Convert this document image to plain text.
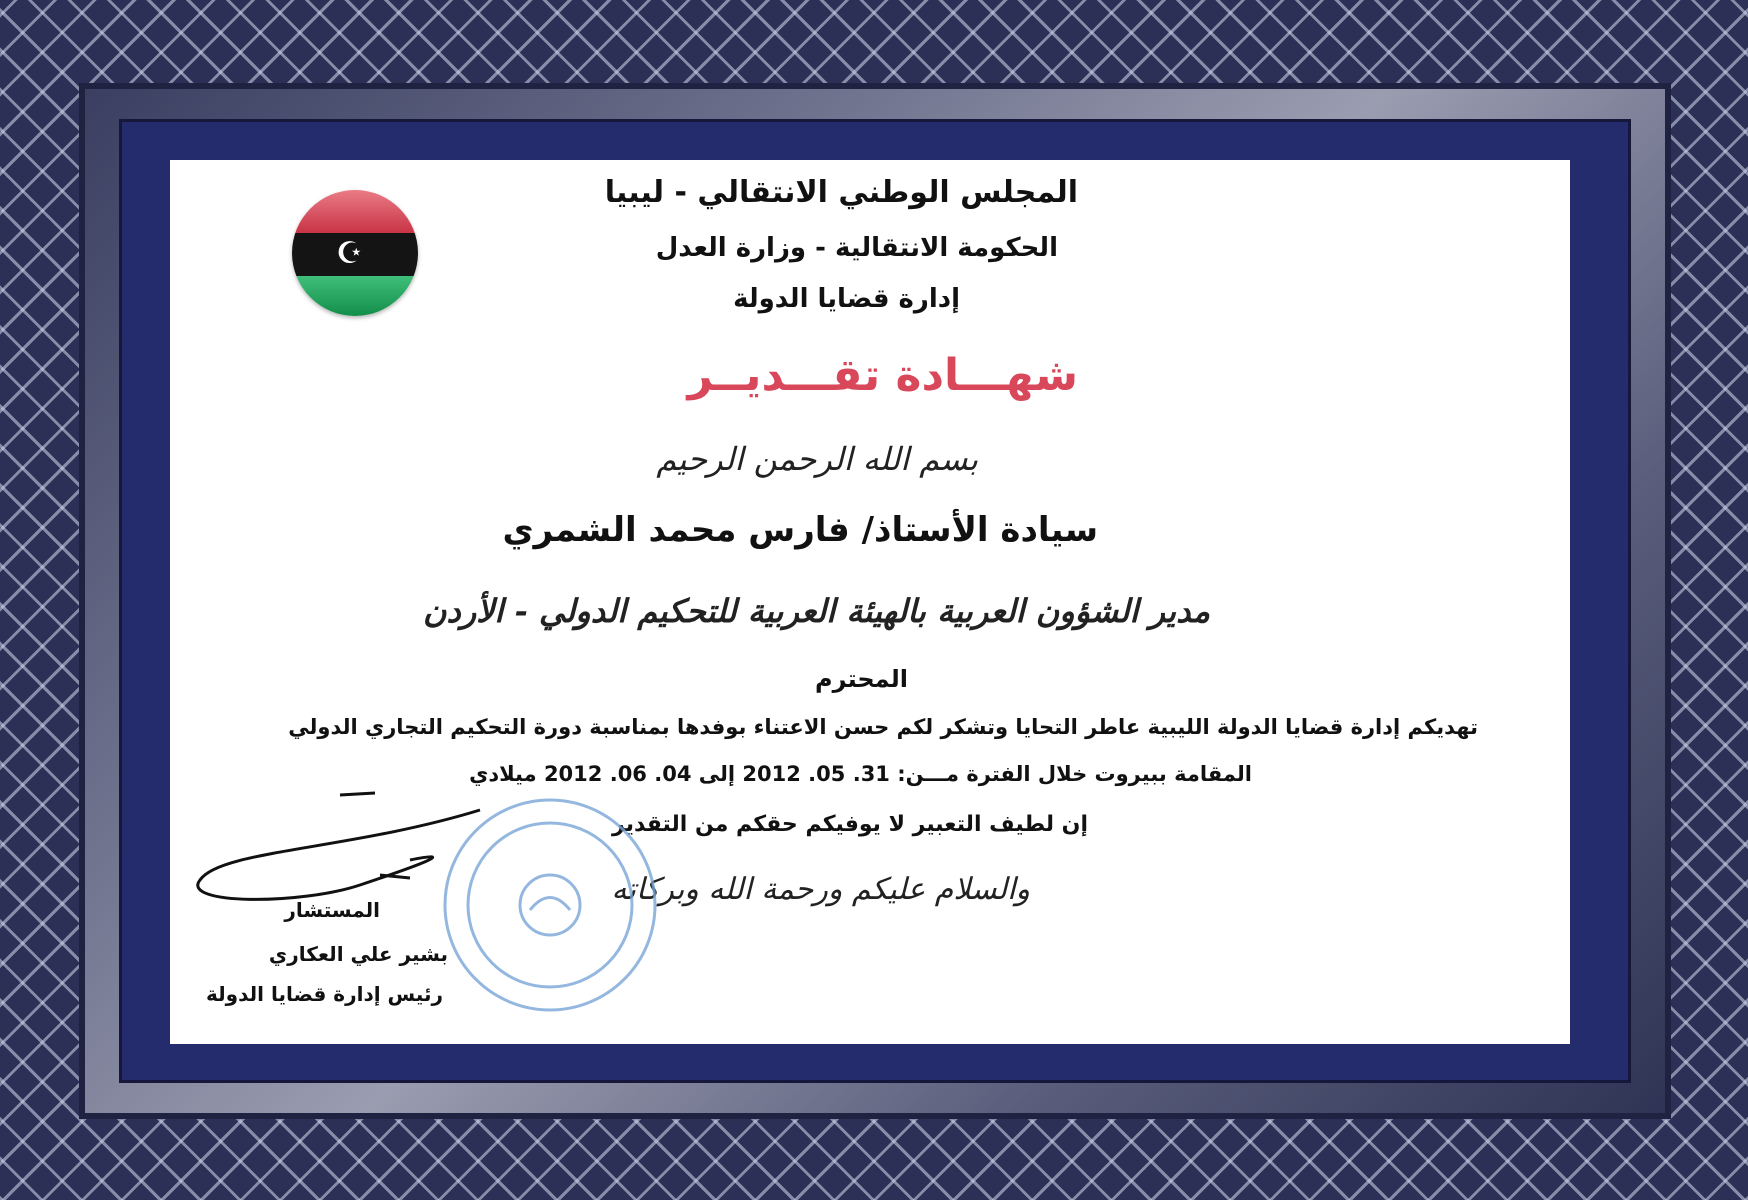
☪
المجلس الوطني الانتقالي - ليبيا
الحكومة الانتقالية - وزارة العدل
إدارة قضايا الدولة
شهـــادة تقـــديــر
بسم الله الرحمن الرحيم
سيادة الأستاذ/ فارس محمد الشمري
مدير الشؤون العربية بالهيئة العربية للتحكيم الدولي - الأردن
المحترم
تهديكم إدارة قضايا الدولة الليبية عاطر التحايا وتشكر لكم حسن الاعتناء بوفدها بمناسبة دورة التحكيم التجاري الدولي
المقامة ببيروت خلال الفترة مـــن: 31. 05. 2012 إلى 04. 06. 2012 ميلادي
إن لطيف التعبير لا يوفيكم حقكم من التقدير
والسلام عليكم ورحمة الله وبركاته
المستشار
بشير علي العكاري
رئيس إدارة قضايا الدولة
